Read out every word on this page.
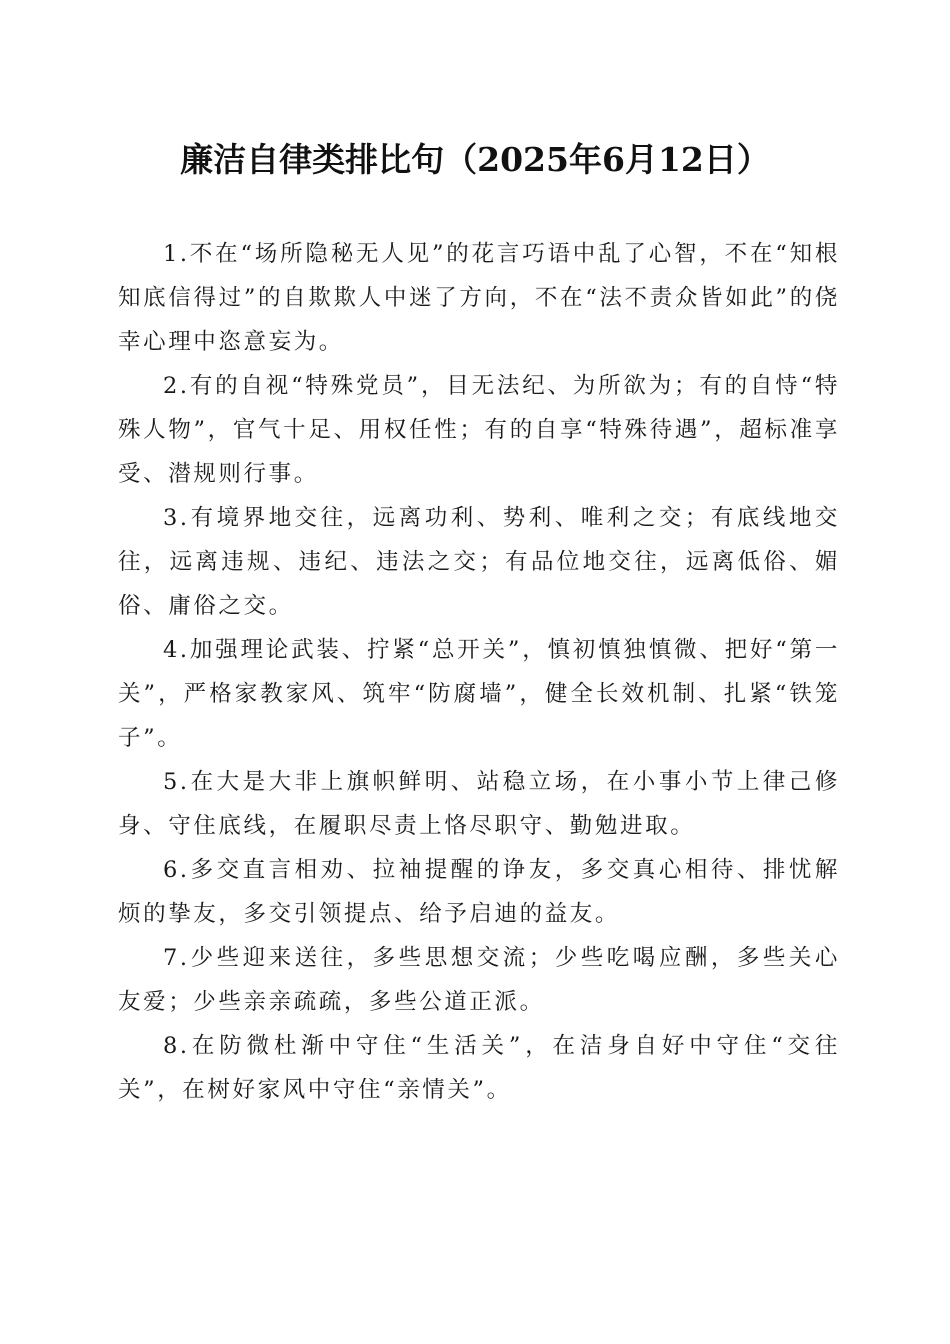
廉洁自律类排比句（2025年6月12日）

1.不在“场所隐秘无人见”的花言巧语中乱了心智，不在“知根知底信得过”的自欺欺人中迷了方向，不在“法不责众皆如此”的侥幸心理中恣意妄为。

2.有的自视“特殊党员”，目无法纪、为所欲为；有的自恃“特殊人物”，官气十足、用权任性；有的自享“特殊待遇”，超标准享受、潜规则行事。

3.有境界地交往，远离功利、势利、唯利之交；有底线地交往，远离违规、违纪、违法之交；有品位地交往，远离低俗、媚俗、庸俗之交。

4.加强理论武装、拧紧“总开关”，慎初慎独慎微、把好“第一关”，严格家教家风、筑牢“防腐墙”，健全长效机制、扎紧“铁笼子”。

5.在大是大非上旗帜鲜明、站稳立场，在小事小节上律己修身、守住底线，在履职尽责上恪尽职守、勤勉进取。

6.多交直言相劝、拉袖提醒的诤友，多交真心相待、排忧解烦的挚友，多交引领提点、给予启迪的益友。

7.少些迎来送往，多些思想交流；少些吃喝应酬，多些关心友爱；少些亲亲疏疏，多些公道正派。

8.在防微杜渐中守住“生活关”，在洁身自好中守住“交往关”，在树好家风中守住“亲情关”。
